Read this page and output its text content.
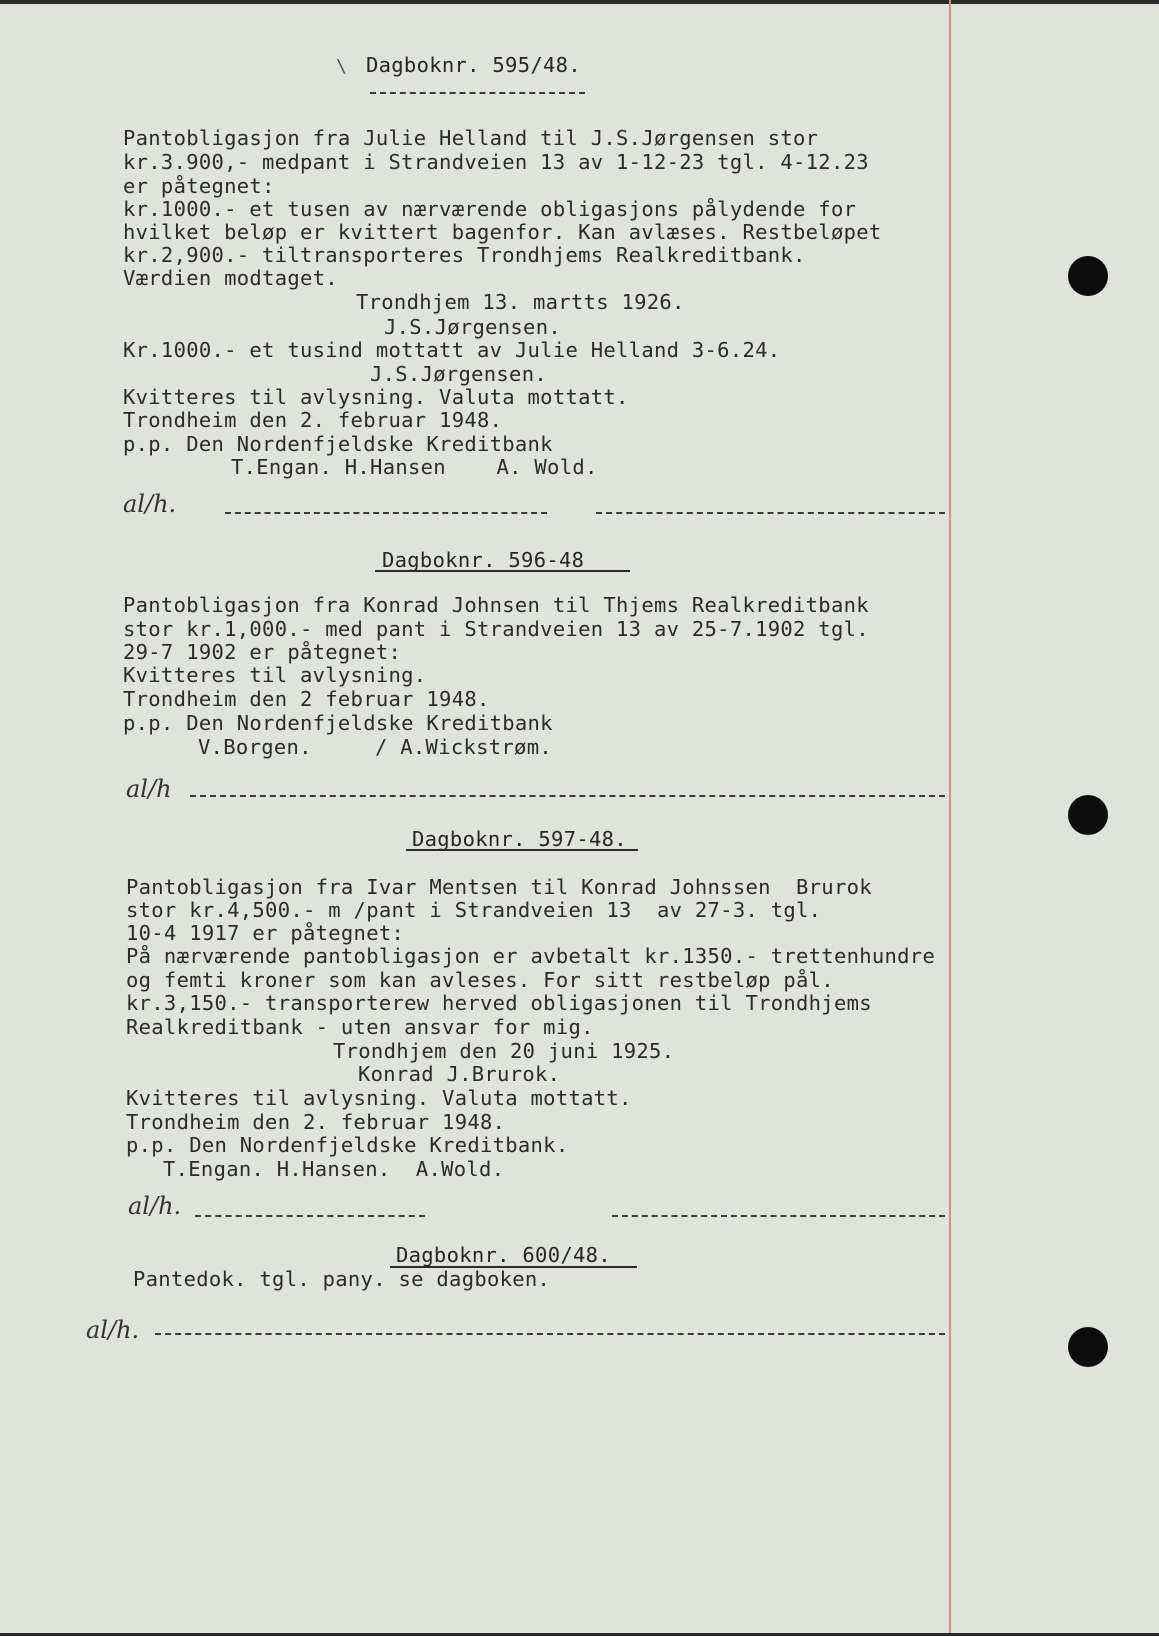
\ Dagboknr. 595/48.
Pantobligasjon fra Julie Helland til J.S.Jørgensen stor
kr.3.900,- medpant i Strandveien 13 av 1-12-23 tgl. 4-12.23
er påtegnet:
kr.1000.- et tusen av nærværende obligasjons pålydende for
hvilket beløp er kvittert bagenfor. Kan avlæses. Restbeløpet
kr.2,900.- tiltransporteres Trondhjems Realkreditbank.
Værdien modtaget.
Trondhjem 13. martts 1926.
J.S.Jørgensen.
Kr.1000.- et tusind mottatt av Julie Helland 3-6.24.
J.S.Jørgensen.
Kvitteres til avlysning. Valuta mottatt.
Trondheim den 2. februar 1948.
p.p. Den Nordenfjeldske Kreditbank
T.Engan. H.Hansen    A. Wold.
al/h.
Dagboknr. 596-48
Pantobligasjon fra Konrad Johnsen til Thjems Realkreditbank
stor kr.1,000.- med pant i Strandveien 13 av 25-7.1902 tgl.
29-7 1902 er påtegnet:
Kvitteres til avlysning.
Trondheim den 2 februar 1948.
p.p. Den Nordenfjeldske Kreditbank
V.Borgen.     / A.Wickstrøm.
al/h
Dagboknr. 597-48.
Pantobligasjon fra Ivar Mentsen til Konrad Johnssen  Brurok
stor kr.4,500.- m /pant i Strandveien 13  av 27-3. tgl.
10-4 1917 er påtegnet:
På nærværende pantobligasjon er avbetalt kr.1350.- trettenhundre
og femti kroner som kan avleses. For sitt restbeløp pål.
kr.3,150.- transporterew herved obligasjonen til Trondhjems
Realkreditbank - uten ansvar for mig.
Trondhjem den 20 juni 1925.
Konrad J.Brurok.
Kvitteres til avlysning. Valuta mottatt.
Trondheim den 2. februar 1948.
p.p. Den Nordenfjeldske Kreditbank.
T.Engan. H.Hansen.  A.Wold.
al/h.
Dagboknr. 600/48.
Pantedok. tgl. pany. se dagboken.
al/h.
